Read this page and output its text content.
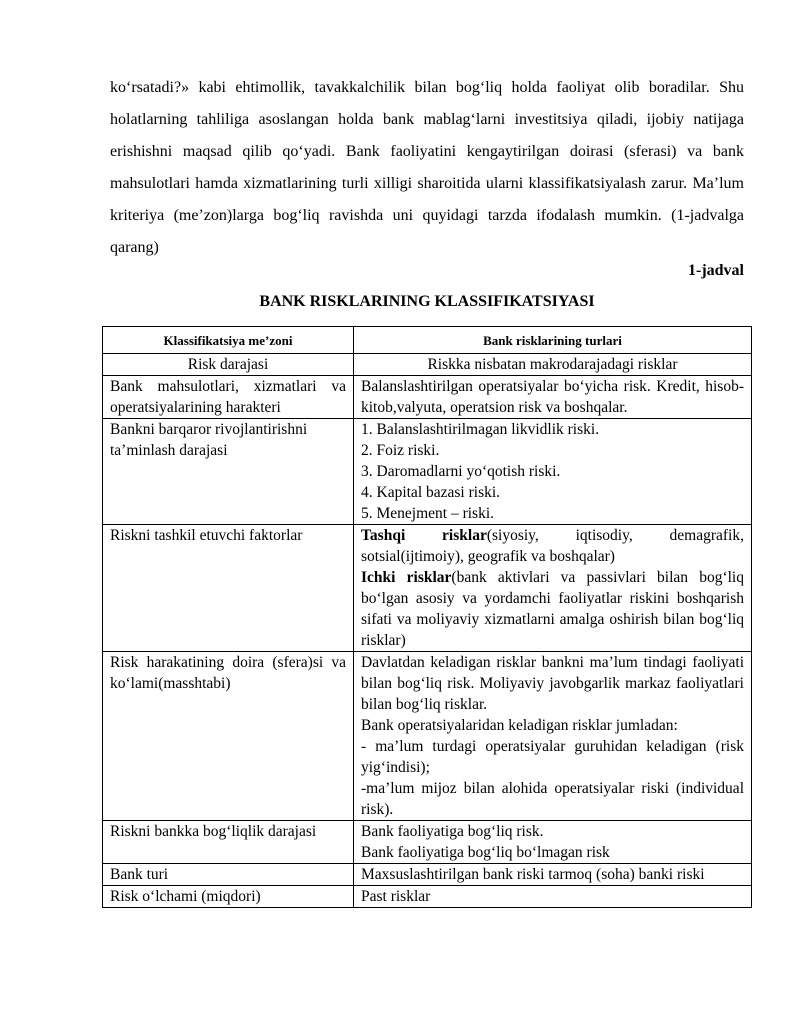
ko‘rsatadi?» kabi ehtimollik, tavakkalchilik bilan bog‘liq holda faoliyat olib boradilar. Shu holatlarning tahliliga asoslangan holda bank mablag‘larni investitsiya qiladi, ijobiy natijaga erishishni maqsad qilib qo‘yadi. Bank faoliyatini kengaytirilgan doirasi (sferasi) va bank mahsulotlari hamda xizmatlarining turli xilligi sharoitida ularni klassifikatsiyalash zarur. Ma’lum kriteriya (me’zon)larga bog‘liq ravishda uni quyidagi tarzda ifodalash mumkin. (1-jadvalga qarang)

1-jadval

BANK RISKLARINING KLASSIFIKATSIYASI

Klassifikatsiya me’zoni	Bank risklarining turlari
Risk darajasi	Riskka nisbatan makrodarajadagi risklar
Bank mahsulotlari, xizmatlari va operatsiyalarining harakteri	Balanslashtirilgan operatsiyalar bo‘yicha risk. Kredit, hisob-kitob,valyuta, operatsion risk va boshqalar.
Bankni barqaror rivojlantirishni ta’minlash darajasi	1. Balanslashtirilmagan likvidlik riski.
2. Foiz riski.
3. Daromadlarni yo‘qotish riski.
4. Kapital bazasi riski.
5. Menejment – riski.

Riskni tashkil etuvchi faktorlar	Tashqi risklar(siyosiy, iqtisodiy, demagrafik, sotsial(ijtimoiy), geografik va boshqalar)
Ichki risklar(bank aktivlari va passivlari bilan bog‘liq bo‘lgan asosiy va yordamchi faoliyatlar riskini boshqarish sifati va moliyaviy xizmatlarni amalga oshirish bilan bog‘liq risklar)

Risk harakatining doira (sfera)si va ko‘lami(masshtabi)	Davlatdan keladigan risklar bankni ma’lum tindagi faoliyati bilan bog‘liq risk. Moliyaviy javobgarlik markaz faoliyatlari bilan bog‘liq risklar.
Bank operatsiyalaridan keladigan risklar jumladan:
- ma’lum turdagi operatsiyalar guruhidan keladigan (risk yig‘indisi);
-ma’lum mijoz bilan alohida operatsiyalar riski (individual risk).

Riskni bankka bog‘liqlik darajasi	Bank faoliyatiga bog‘liq risk.
Bank faoliyatiga bog‘liq bo‘lmagan risk

Bank turi	Maxsuslashtirilgan bank riski tarmoq (soha) banki riski
Risk o‘lchami (miqdori)	Past risklar
